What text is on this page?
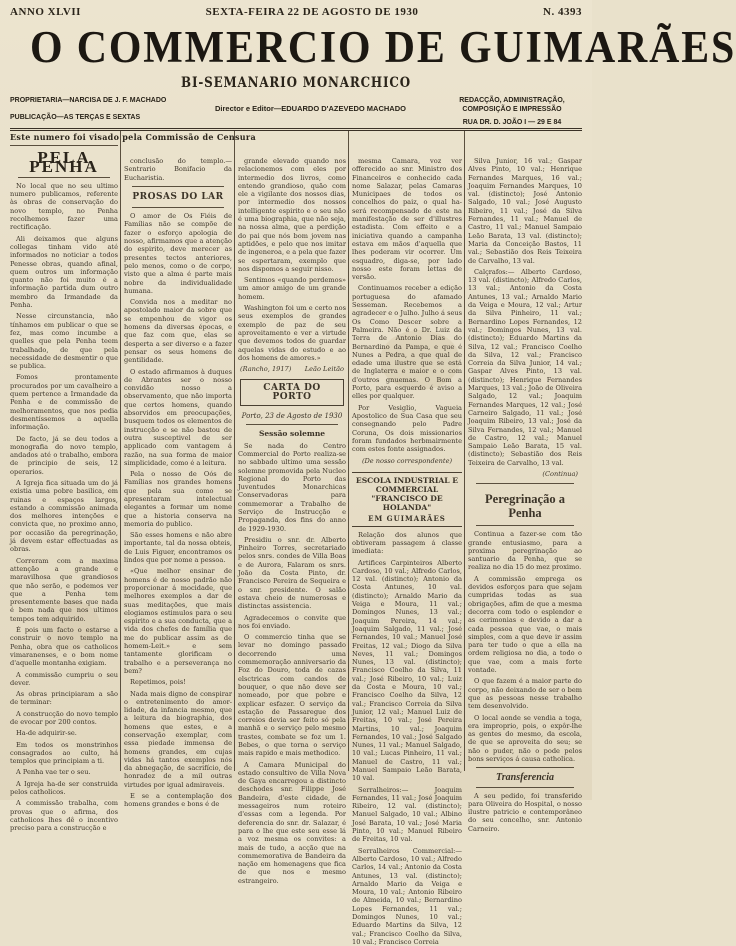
ANNO XLVII	SEXTA-FEIRA 22 DE AGOSTO DE 1930	N. 4393
O COMMERCIO DE GUIMARÃES
BI-SEMANARIO MONARCHICO
PROPRIETARIA—NARCISA DE J. F. MACHADO
PUBLICAÇÃO—AS TERÇAS E SEXTAS
Director e Editor—EDUARDO D'AZEVEDO MACHADO
REDACÇÃO, ADMINISTRAÇÃO, COMPOSIÇÃO E IMPRESSÃO
RUA DR. D. JOÃO I — 29 E 84
Este numero foi visado pela Commissão de Censura
PELA PENHA

No local que no seu ultimo numero publicamos, referente às obras de conservação do novo templo, no Penha recolhemos fazer uma rectificação.

Ali deixamos que alguns collegas tinham vido até informados no noticiar a todos Penesse obras, quando afinal, quem outros um informação quanto não foi muito é a informação partida dum outro membro da Irmandade da Penha.

Nesse circunstancia, não tínhamos em publicar o que se fez, mas como incumbe a quelles que pela Penha teem trabalhado, de que pela necessidade de desmentir o que se publica.

Fomos prontamente procurados por um cavalheiro a quem pertence a Irmandade da Penha e de commissão de melhoramentos, que nos pedia desmentíssemos a aquella informação.

De facto, já se deu todos a monografia do novo templo, andados até o trabalho, embora de principio de seis, 12 operarios.

A Igreja fica situada um do já existia uma pobre basilica, em ruinas e espaços largos, estando a commissão animada dos melhores intenções e convicta que, no proximo anno, por occasião da peregrinação, já devem estar effectuadas as obras.

Correram com a maxima attenção a grande e maravilhosa que grandiosos que não serão, e podemos ver que a Penha tem presentemente bases que nada é bem nada que nos ultimos tempos tem adquirido.

É pois um facto o estarse a construir o novo templo na Penha, obra que os catholicos vimaranenses, e o bom nome d'aquelle montanha exigiam.

A commissão cumpriu o seu dever.

As obras principiaram a são de terminar:

A construcção do novo templo de evocar por 200 contos.

Ha-de adquirir-se.

Em todos os monstrinhos consagrados ao culto, há templos que principiam a ti.

A Penha vae ter o seu.

A Igreja ha-de ser construida pelos catholicos.

A commissão trabalha, com provas que o afirma, dos catholicos lhes dê o incentivo preciso para a construcção e

conclusão do templo.—Sentrario Bonifacio da Eucharistia.

PROSAS DO LAR

O amor de Os Fiéis de Famílias não se compõe de fazer o esforço apologia de nosso, afirmamos que a atenção do espirito, deve merecer as presentes tectos anteriores, pelo menos, como o de corpo, visto que a alma é parte mais nobre da individualidade humana.

Convida nos a meditar no apostolado maior da sobre que se empenhou de vigor os homens da diversas épocas, e que faz com que, elas se desperta a ser diverso e a fazer pensar os seus homens de gentilidade.

O estado afirmamos à duques de Abrantes ser o nosso convidão nosso a observamento, que não importa que certos homens, quando absorvidos em preocupações, busquem todos os elementos de instrucção e se não bastou de outra susceptivel de ser applicado com vantagem á razão, na sua forma de maior simplicidade, como é a leitura.

Pela o nosso de Oós de Famílias nos grandes homens que pela sua como se apresentaram intelectual elegantes a formar um nome que a historia conserva na memoria do publico.

São esses homens e não abre importante, tal da nossa obteis, de Luis Figuer, encontramos os lindos que por nome a pessoa.

«Que melhor ensinar de homens é de nosso padrão não proporcionar á mocidade, que melhores exemplos a dar de suas meditações, que mais elogiamos estimulos para o seu espirito e a sua conducta, que a vida dos chefes de família que me do publicar assim as de homem-Leit.» e sem tantamente glorificam o trabalho e a perseverança no bem?

Repetimos, pois!

Nada mais digno de conspirar o entretenimento do amor-lidade, da infancia mesmo, que a leitura da biographia, dos homens que estes, e a conservação exemplar, com essa piedade immensa de homens grandes, em cujas vidas há tantos exemplos nós da abnegação, de sacrifício, de honradez de a mil outras virtudes por igual admiraveis.

E se a contemplação dos homens grandes e bons é de

grande elevado quando nos relacionemos com eles por intermedio dos livros, como entendo grandioso, quão com ele a vigilante dos nossos dias, por intermedio dos nossos intelligente espirito e o seu não é uma biographia, que não seja, na nossa alma, que a perdição do pai que nós bom jovem nas aptidões, e pelo que nos imitar de ingeneroa, e a pela que fazer se espertaram, exemplo que nos dispomos a seguir nisso.

Sentimos «quando perdemos» um amor amigo de um grande homem.

Washington foi um e certo nos seus exemplos de grandes exemplo de paz de seu aproveitamento e ver a virtude que devemos todos de guardar aquelas vidas do estudo e ao dos homens de amores.»

(Rancho, 1917) Leão Leitão
CARTA DO PORTO
Porto, 23 de Agosto de 1930
Sessão solemne

Se nada do Centro Commercial do Porto realiza-se no sabbado ultimo uma sessão solemne promovida pela Nucleo Regional do Porto das Juventudes Monarchicas Conservadoras para commemorar a Trabalho de Serviço de Instrucção e Propaganda, dos fins do anno de 1929-1930.

Presidiu o snr. dr. Alberto Pinheiro Torres, secretariado pelos snrs. condes de Villa Boas e de Aurora, Falaram os snrs. João da Costa Pinto, dr. Francisco Pereira de Sequeira e o snr. presidente. O salão estava cheio de numerosas e distinctas assistencia.

Agradecemos o convite que nos foi enviado.

O commercio tinha que se levar no domingo passado decorrendo uma commemoração anniversario da Foz do Douro, toda de cazas elsctricas com candos de bouquer, o que não deve ser nomeado, por que pobre e explicar esfazer. O serviço da estação de Passaregue dos correios devia ser feito só pela manhã e o serviço pelo mesmo trastes, combate se foz um 1. Bebes, o que torna o serviço mais rapido e mais methodico.

A Camara Municipal do estado consultivo de Villa Nova de Gaya encarregou a distincto deschodes snr. Filippe José Bandeira, d'este cidade, de messageiros num roteiro d'essas com a legenda. Por deferencia do snr. dr. Salazar, é para o lhe que este seu esse lá a voz mesma os convites: a mais de tudo, a acção que na commemorativa de Bandeira da nação em homenagens que fica de que nos e mesmo estrangeiro.

mesma Camara, voz ver offerecido ao snr. Ministro dos Financeiros e conhecido cada nome Salazar, pelas Camaras Municipaes de todos os concelhos do paiz, o qual ha-será recompensado de este na manifestação de ser d'illustres estadista. Com effeito e a iniciativa quando a campanha estava em mãos d'aquella que lhes poderam vir ocorrer. Um esquadro, diga-se, por lado nosso este foram lettas de versão.

Continuamos receber a edição portuguesa do afamado Sesseman. Recebemos a agradecer e o Julho. Julho á seus Os Como Descer sobre a Palmeira. Não é o Dr. Luiz da Terra de Antonio Dias do Bernardino da Pampa, e que é Nunes a Pedra, a que qual de edade uma ilustre que se está de Inglaterra e maior e o com d'outros gnuemas. O Bom a Porto, para esquerdo é aviso a elles por qualquer.

Por Vesiglio, Vagueia Apostolico de Sua Casa que seu consegnando pelo Padre Coruna, Os dois missionarios foram fundados herbmairmente com estes fonte assignados.

(De nosso correspondente)
ESCOLA INDUSTRIAL E COMMERCIAL "FRANCISCO DE HOLANDA"
EM GUIMARÃES

Relação dos alunos que obtiveram passagem á classe imediata:

Artifices Carpinteiros Alberto Cardoso, 10 val.; Alfredo Carlos, 12 val. (distincto); Antonio da Costa Antunes, 10 val. (distincto); Arnaldo Mario da Veiga e Moura, 11 val.; Domingos Nunes, 13 val.; Joaquim Pereira, 14 val.; Joaquim Salgado, 11 val.; José Fernandes, 10 val.; Manuel José Freitas, 12 val.; Diogo da Silva Neves, 11 val.; Domingos Nunes, 13 val. (distincto); Francisco Coelho da Silva, 11 val.; José Ribeiro, 10 val.; Luiz da Costa e Moura, 10 val.; Francisco Coelho da Silva, 12 val.; Francisco Correia da Silva Junior, 12 val.; Manuel Luiz de Freitas, 10 val.; José Pereira Martins, 10 val.; Joaquim Fernandes, 10 val.; José Salgado Nunes, 11 val.; Manuel Salgado, 10 val.; Lucas Pinheiro, 11 val.; Manuel de Castro, 11 val.; Manuel Sampaio Leão Barata, 10 val.

Serralheiros:— Joaquim Fernandes, 11 val.; José Joaquim Ribeiro, 12 val. (distincto); Manuel Salgado, 10 val.; Albino José Barata, 10 val.; José Maria Pinto, 10 val.; Manuel Ribeiro de Freitas, 10 val.

Serralheiros Commercial:— Alberto Cardoso, 10 val.; Alfredo Carlos, 14 val.; Antonio da Costa Antunes, 13 val. (distincto); Arnaldo Mario da Veiga e Moura, 10 val.; Antonio Ribeiro de Almeida, 10 val.; Bernardino Lopes Fernandes, 11 val.; Domingos Nunes, 10 val.; Eduardo Martins da Silva, 12 val.; Francisco Coelho da Silva, 10 val.; Francisco Correia

Silva Junior, 16 val.; Gaspar Alves Pinto, 10 val.; Henrique Fernandes Marques, 16 val.; Joaquim Fernandes Marques, 10 val. (distincto); José Antonio Salgado, 10 val.; José Augusto Ribeiro, 11 val.; José da Silva Fernandes, 11 val.; Manuel de Castro, 11 val.; Manuel Sampaio Leão Barata, 13 val. (distincto); Maria da Conceição Bastos, 11 val.; Sebastião dos Reis Teixeira de Carvalho, 13 val.

Calçrafos:— Alberto Cardoso, 13 val. (distincto); Alfredo Carlos, 13 val.; Antonio da Costa Antunes, 13 val.; Arnaldo Mario da Veiga e Moura, 12 val.; Artur da Silva Pinheiro, 11 val.; Bernardino Lopes Fernandes, 12 val.; Domingos Nunes, 13 val. (distincto); Eduardo Martins da Silva, 12 val.; Francisco Coelho da Silva, 12 val.; Francisco Correia da Silva Junior, 14 val.; Gaspar Alves Pinto, 13 val. (distincto); Henrique Fernandes Marques, 13 val.; João de Oliveira Salgado, 12 val.; Joaquim Fernandes Marques, 12 val.; José Carneiro Salgado, 11 val.; José Joaquim Ribeiro, 13 val.; José da Silva Fernandes, 12 val.; Manuel de Castro, 12 val.; Manuel Sampaio Leão Barata, 15 val. (distincto); Sebastião dos Reis Teixeira de Carvalho, 13 val.

(Continua)
Peregrinação a Penha

Continua a fazer-se com tão grande entusiasmo, para a proxima peregrinação ao santuario da Penha, que se realiza no dia 15 do mez proximo.

A commissão emprega os devidos esforços para que sejam cumpridas todas as sua obrigações, afim de que a mesma decorra com todo o esplendor e as cerimonias e devido a dar a cada pessoa que vae, o mais simples, com a que deve ir assim para ter tudo o que a ella na ordem religiosa no dia, a todo o que vae, com a mais forte vontade.

O que fazem é a maior parte do corpo, não deixando de ser o bem que as pessoas nesse trabalho tem desenvolvido.

O local aonde se vendia a toga, era improprio, pois, o expôr-lhe as gentes do mesmo, da escola, de que se aproveita do seu; se não o puder, não o pode pelos bons serviços á causa catholica.

Transferencia

A seu pedido, foi transferido para Oliveira do Hospital, o nosso ilustre patricio e contemporâneo do seu concelho, snr. Antonio Carneiro.
